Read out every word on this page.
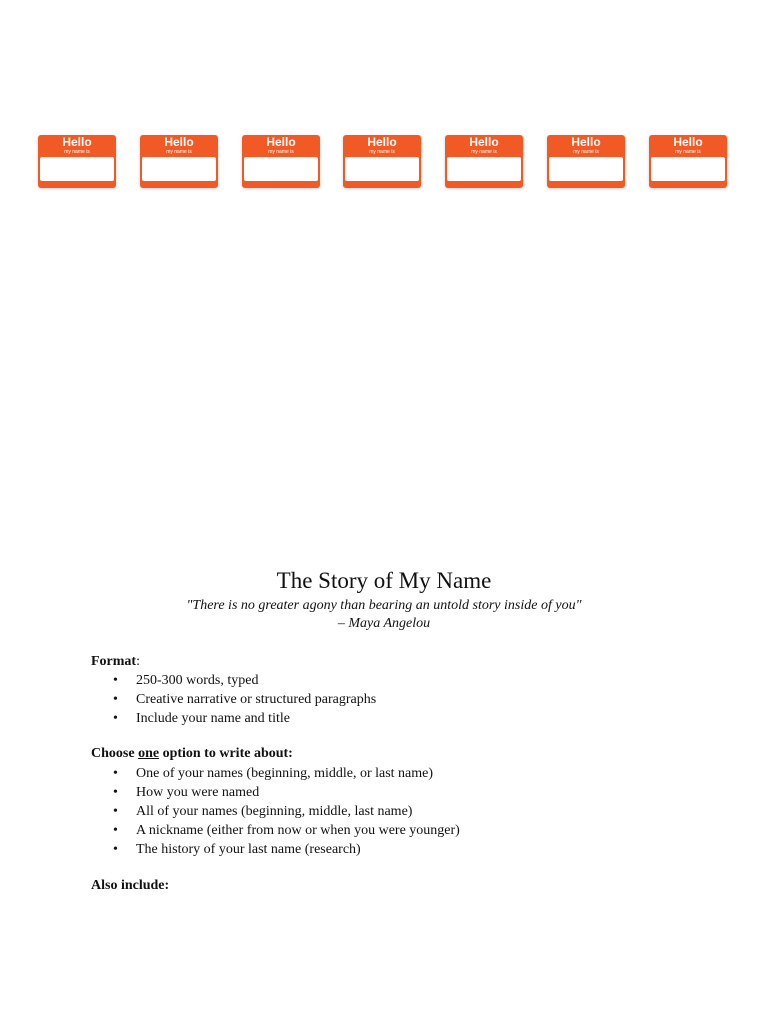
Hello
my name is
Hello
my name is
Hello
my name is
Hello
my name is
Hello
my name is
Hello
my name is
Hello
my name is
The Story of My Name
"There is no greater agony than bearing an untold story inside of you"
– Maya Angelou
Format:
• 250-300 words, typed
• Creative narrative or structured paragraphs
• Include your name and title
Choose one option to write about:
• One of your names (beginning, middle, or last name)
• How you were named
• All of your names (beginning, middle, last name)
• A nickname (either from now or when you were younger)
• The history of your last name (research)
Also include:
